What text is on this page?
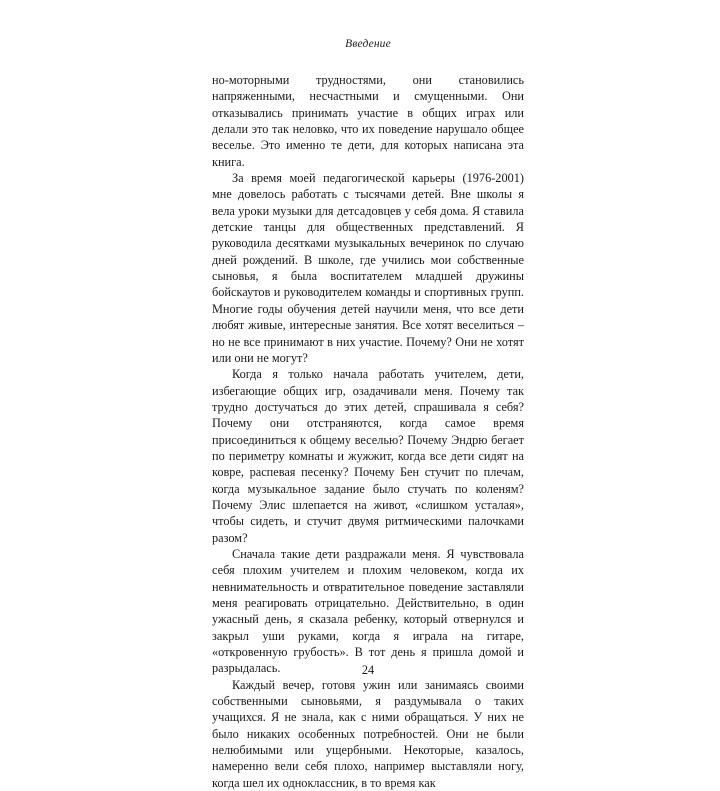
Введение

но-моторными трудностями, они становились напряженными, несчастными и смущенными. Они отказывались принимать участие в общих играх или делали это так неловко, что их поведение нарушало общее веселье. Это именно те дети, для которых написана эта книга.

За время моей педагогической карьеры (1976-2001) мне довелось работать с тысячами детей. Вне школы я вела уроки музыки для детсадовцев у себя дома. Я ставила детские танцы для общественных представлений. Я руководила десятками музыкальных вечеринок по случаю дней рождений. В школе, где учились мои собственные сыновья, я была воспитателем младшей дружины бойскаутов и руководителем команды и спортивных групп. Многие годы обучения детей научили меня, что все дети любят живые, интересные занятия. Все хотят веселиться – но не все принимают в них участие. Почему? Они не хотят или они не могут?

Когда я только начала работать учителем, дети, избегающие общих игр, озадачивали меня. Почему так трудно достучаться до этих детей, спрашивала я себя? Почему они отстраняются, когда самое время присоединиться к общему веселью? Почему Эндрю бегает по периметру комнаты и жужжит, когда все дети сидят на ковре, распевая песенку? Почему Бен стучит по плечам, когда музыкальное задание было стучать по коленям? Почему Элис шлепается на живот, «слишком усталая», чтобы сидеть, и стучит двумя ритмическими палочками разом?

Сначала такие дети раздражали меня. Я чувствовала себя плохим учителем и плохим человеком, когда их невнимательность и отвратительное поведение заставляли меня реагировать отрицательно. Действительно, в один ужасный день, я сказала ребенку, который отвернулся и закрыл уши руками, когда я играла на гитаре, «откровенную грубость». В тот день я пришла домой и разрыдалась.

Каждый вечер, готовя ужин или занимаясь своими собственными сыновьями, я раздумывала о таких учащихся. Я не знала, как с ними обращаться. У них не было никаких особенных потребностей. Они не были нелюбимыми или ущербными. Некоторые, казалось, намеренно вели себя плохо, например выставляли ногу, когда шел их одноклассник, в то время как

24
